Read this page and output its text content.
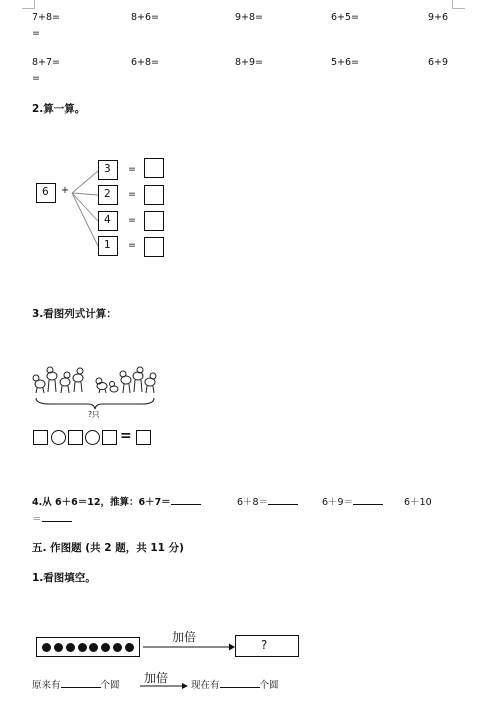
7+8=	8+6=	9+8=	6+5=	9+6
=
8+7=	6+8=	8+9=	5+6=	6+9
=
2.算一算。
6 +
3 =
2 =
4 =
1 =
3.看图列式计算：
?只
=
4.从 6＋6＝12，推算：6＋7＝	6＋8＝	6＋9＝	6＋10
＝
五. 作图题 (共 2 题，共 11 分)
1.看图填空。
加倍
?
原来有	个圆
加倍
现在有	个圆
